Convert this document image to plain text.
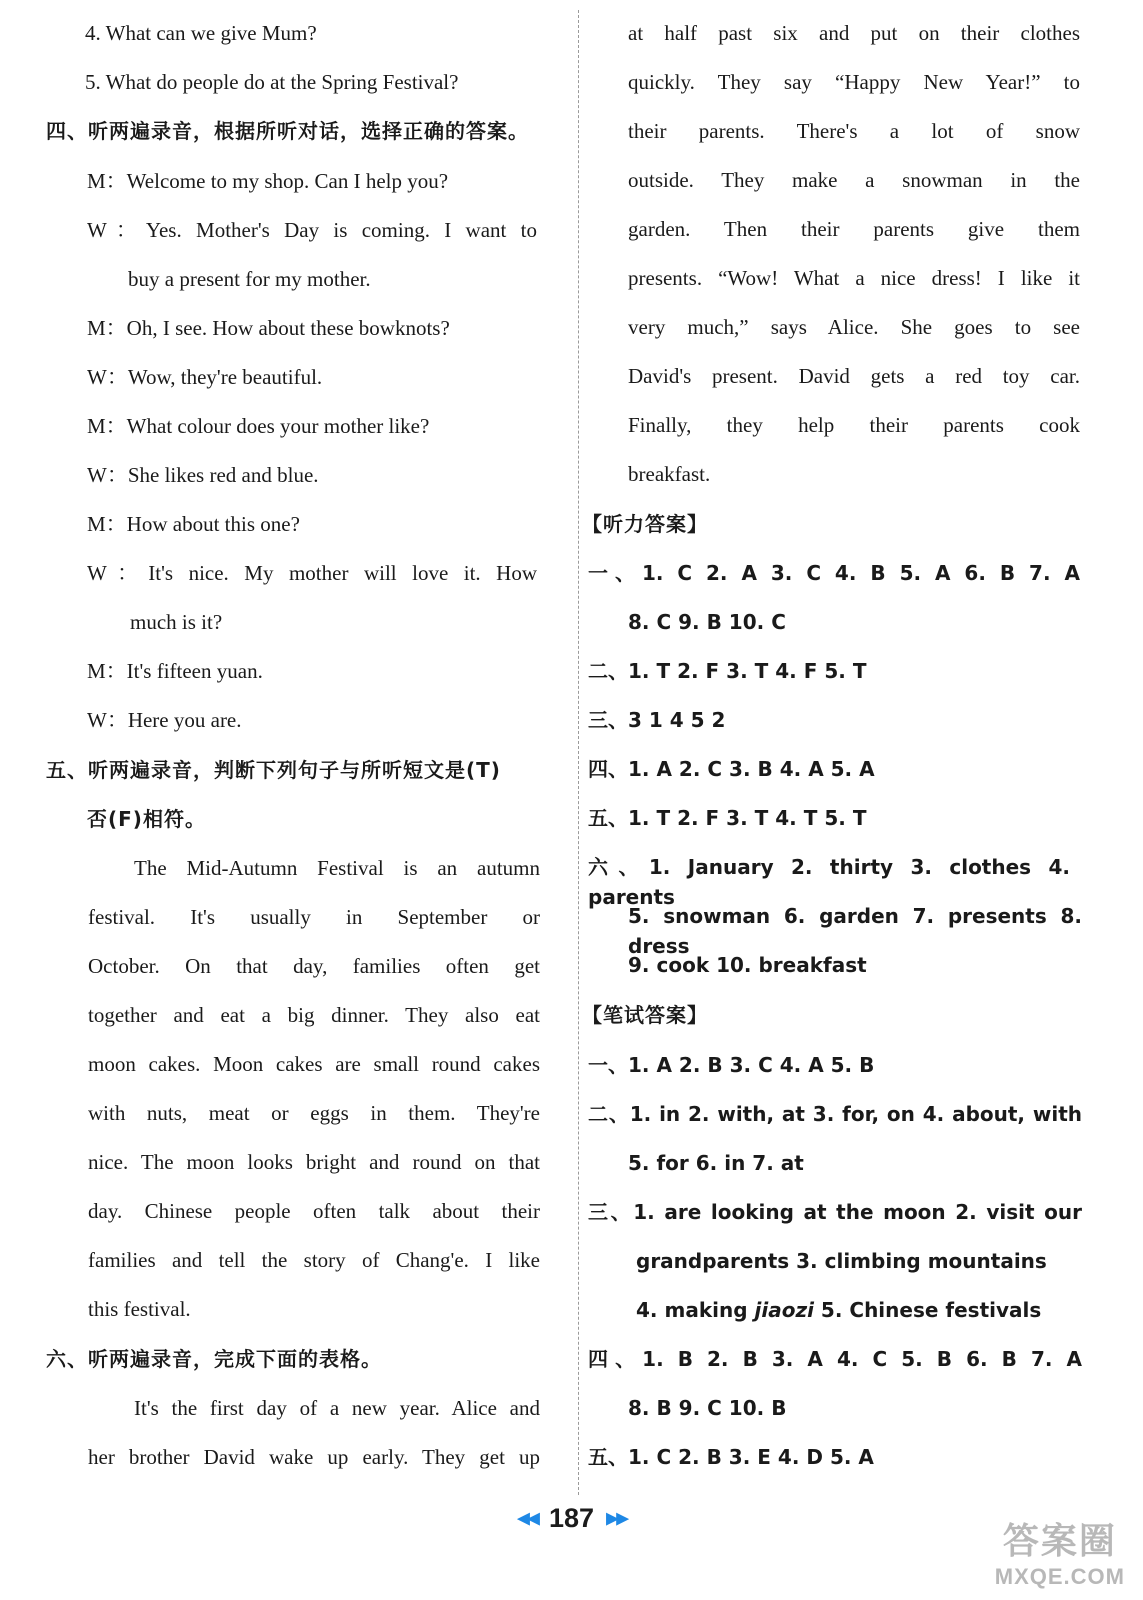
4. What can we give Mum?
5. What do people do at the Spring Festival?
四、听两遍录音，根据所听对话，选择正确的答案。
M：Welcome to my shop. Can I help you?
W：Yes. Mother's Day is coming. I want to
buy a present for my mother.
M：Oh, I see. How about these bowknots?
W：Wow, they're beautiful.
M：What colour does your mother like?
W：She likes red and blue.
M：How about this one?
W：It's nice. My mother will love it. How
much is it?
M：It's fifteen yuan.
W：Here you are.
五、听两遍录音，判断下列句子与所听短文是(T)
否(F)相符。
The Mid-Autumn Festival is an autumn
festival. It's usually in September or
October. On that day, families often get
together and eat a big dinner. They also eat
moon cakes. Moon cakes are small round cakes
with nuts, meat or eggs in them. They're
nice. The moon looks bright and round on that
day. Chinese people often talk about their
families and tell the story of Chang'e. I like
this festival.
六、听两遍录音，完成下面的表格。
It's the first day of a new year. Alice and
her brother David wake up early. They get up
at half past six and put on their clothes
quickly. They say “Happy New Year!” to
their parents. There's a lot of snow
outside. They make a snowman in the
garden. Then their parents give them
presents. “Wow! What a nice dress! I like it
very much,” says Alice. She goes to see
David's present. David gets a red toy car.
Finally, they help their parents cook
breakfast.
【听力答案】
一、1. C 2. A 3. C 4. B 5. A 6. B 7. A
8. C 9. B 10. C
二、1. T 2. F 3. T 4. F 5. T
三、3 1 4 5 2
四、1. A 2. C 3. B 4. A 5. A
五、1. T 2. F 3. T 4. T 5. T
六、1. January 2. thirty 3. clothes 4. parents
5. snowman 6. garden 7. presents 8. dress
9. cook 10. breakfast
【笔试答案】
一、1. A 2. B 3. C 4. A 5. B
二、1. in 2. with, at 3. for, on 4. about, with
5. for 6. in 7. at
三、1. are looking at the moon 2. visit our
grandparents 3. climbing mountains
4. making jiaozi 5. Chinese festivals
四、1. B 2. B 3. A 4. C 5. B 6. B 7. A
8. B 9. C 10. B
五、1. C 2. B 3. E 4. D 5. A
◀◀ 187 ▶▶
答案圈
MXQE.COM
